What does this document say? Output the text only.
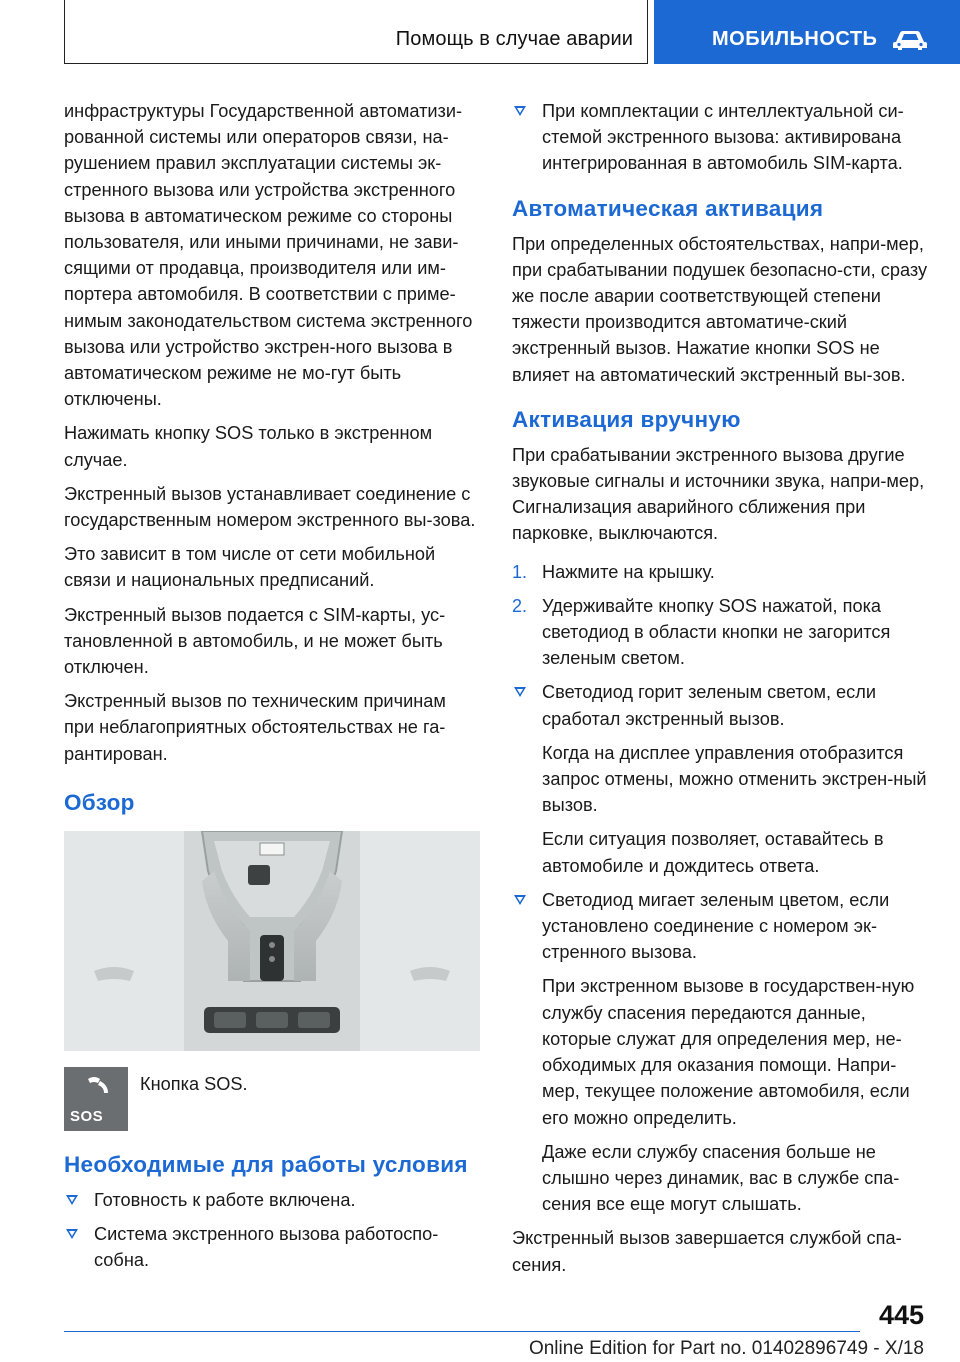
Помощь в случае аварии	МОБИЛЬНОСТЬ

инфраструктуры Государственной автоматизи-рованной системы или операторов связи, на-рушением правил эксплуатации системы эк-стренного вызова или устройства экстренного вызова в автоматическом режиме со стороны пользователя, или иными причинами, не зави-сящими от продавца, производителя или им-портера автомобиля. В соответствии с приме-нимым законодательством система экстренного вызова или устройство экстрен-ного вызова в автоматическом режиме не мо-гут быть отключены.

Нажимать кнопку SOS только в экстренном случае.

Экстренный вызов устанавливает соединение с государственным номером экстренного вы-зова.

Это зависит в том числе от сети мобильной связи и национальных предписаний.

Экстренный вызов подается с SIM-карты, ус-тановленной в автомобиль, и не может быть отключен.

Экстренный вызов по техническим причинам при неблагоприятных обстоятельствах не га-рантирован.

Обзор
SOS
Кнопка SOS.
Необходимые для работы условия
Готовность к работе включена.
Система экстренного вызова работоспо-собна.
При комплектации с интеллектуальной си-стемой экстренного вызова: активирована интегрированная в автомобиль SIM-карта.
Автоматическая активация

При определенных обстоятельствах, напри-мер, при срабатывании подушек безопасно-сти, сразу же после аварии соответствующей степени тяжести производится автоматиче-ский экстренный вызов. Нажатие кнопки SOS не влияет на автоматический экстренный вы-зов.

Активация вручную

При срабатывании экстренного вызова другие звуковые сигналы и источники звука, напри-мер, Сигнализация аварийного сближения при парковке, выключаются.

1. Нажмите на крышку.
2. Удерживайте кнопку SOS нажатой, пока светодиод в области кнопки не загорится зеленым светом.
Светодиод горит зеленым светом, если сработал экстренный вызов.

Когда на дисплее управления отобразится запрос отмены, можно отменить экстрен-ный вызов.

Если ситуация позволяет, оставайтесь в автомобиле и дождитесь ответа.

Светодиод мигает зеленым цветом, если установлено соединение с номером эк-стренного вызова.

При экстренном вызове в государствен-ную службу спасения передаются данные, которые служат для определения мер, не-обходимых для оказания помощи. Напри-мер, текущее положение автомобиля, если его можно определить.

Даже если службу спасения больше не слышно через динамик, вас в службе спа-сения все еще могут слышать.

Экстренный вызов завершается службой спа-сения.

445
Online Edition for Part no. 01402896749 - X/18
